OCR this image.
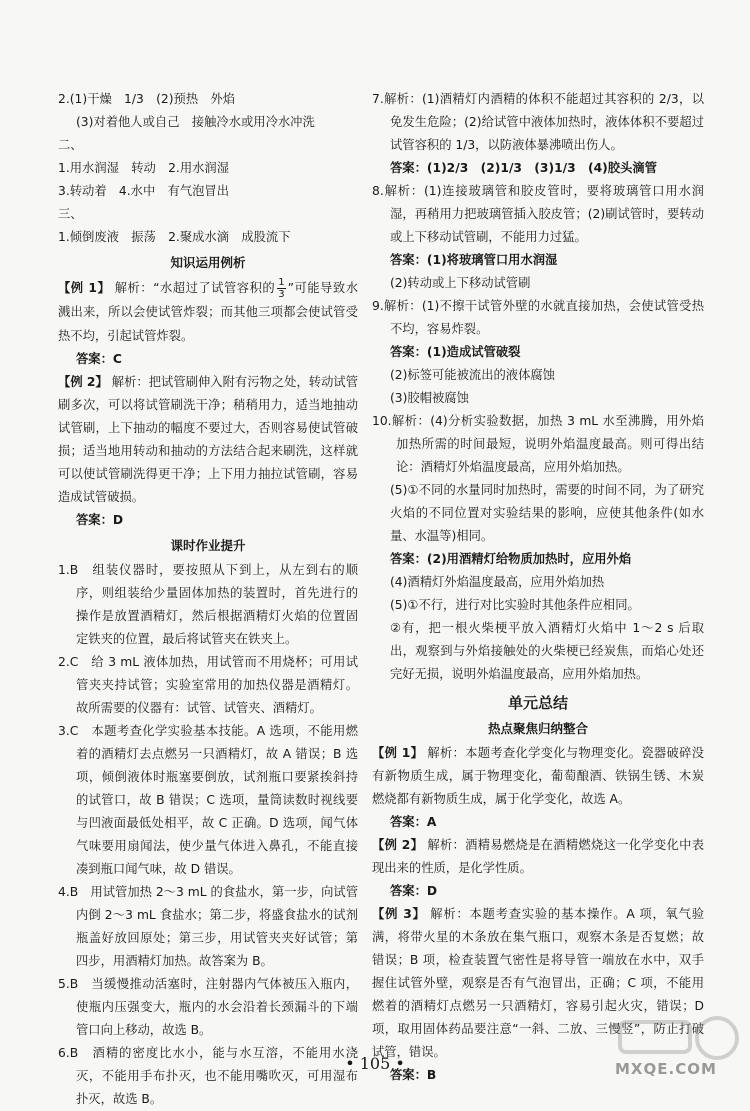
2.(1)干燥　1/3　(2)预热　外焰

(3)对着他人或自己　接触冷水或用冷水冲洗

二、

1.用水润湿　转动　2.用水润湿

3.转动着　4.水中　有气泡冒出

三、

1.倾倒废液　振荡　2.聚成水滴　成股流下

知识运用例析

【例 1】 解析：“水超过了试管容积的 $\frac{1}{3}$ ”可能导致水溅出来，所以会使试管炸裂；而其他三项都会使试管受热不均，引起试管炸裂。

答案：C

【例 2】 解析：把试管刷伸入附有污物之处，转动试管刷多次，可以将试管刷洗干净；稍稍用力，适当地抽动试管刷，上下抽动的幅度不要过大，否则容易使试管破损；适当地用转动和抽动的方法结合起来刷洗，这样就可以使试管刷洗得更干净；上下用力抽拉试管刷，容易造成试管破损。

答案：D

课时作业提升

1.B　组装仪器时，要按照从下到上，从左到右的顺序，则组装给少量固体加热的装置时，首先进行的操作是放置酒精灯，然后根据酒精灯火焰的位置固定铁夹的位置，最后将试管夹在铁夹上。

2.C　给 3 mL 液体加热，用试管而不用烧杯；可用试管夹夹持试管；实验室常用的加热仪器是酒精灯。故所需要的仪器有：试管、试管夹、酒精灯。

3.C　本题考查化学实验基本技能。A 选项，不能用燃着的酒精灯去点燃另一只酒精灯，故 A 错误；B 选项，倾倒液体时瓶塞要倒放，试剂瓶口要紧挨斜持的试管口，故 B 错误；C 选项，量筒读数时视线要与凹液面最低处相平，故 C 正确。D 选项，闻气体气味要用扇闻法，使少量气体进入鼻孔，不能直接凑到瓶口闻气味，故 D 错误。

4.B　用试管加热 2～3 mL 的食盐水，第一步，向试管内倒 2～3 mL 食盐水；第二步，将盛食盐水的试剂瓶盖好放回原处；第三步，用试管夹夹好试管；第四步，用酒精灯加热。故答案为 B。

5.B　当缓慢推动活塞时，注射器内气体被压入瓶内，使瓶内压强变大，瓶内的水会沿着长颈漏斗的下端管口向上移动，故选 B。

6.B　酒精的密度比水小，能与水互溶，不能用水浇灭，不能用手布扑灭，也不能用嘴吹灭，可用湿布扑灭，故选 B。

7.解析：(1)酒精灯内酒精的体积不能超过其容积的 2/3，以免发生危险；(2)给试管中液体加热时，液体体积不要超过试管容积的 1/3，以防液体暴沸喷出伤人。

答案：(1)2/3　(2)1/3　(3)1/3　(4)胶头滴管

8.解析：(1)连接玻璃管和胶皮管时，要将玻璃管口用水润湿，再稍用力把玻璃管插入胶皮管；(2)刷试管时，要转动或上下移动试管刷，不能用力过猛。

答案：(1)将玻璃管口用水润湿

(2)转动或上下移动试管刷

9.解析：(1)不擦干试管外壁的水就直接加热，会使试管受热不均，容易炸裂。

答案：(1)造成试管破裂

(2)标签可能被流出的液体腐蚀

(3)胶帽被腐蚀

10.解析：(4)分析实验数据，加热 3 mL 水至沸腾，用外焰加热所需的时间最短，说明外焰温度最高。则可得出结论：酒精灯外焰温度最高，应用外焰加热。

(5)①不同的水量同时加热时，需要的时间不同，为了研究火焰的不同位置对实验结果的影响，应使其他条件(如水量、水温等)相同。

答案：(2)用酒精灯给物质加热时，应用外焰

(4)酒精灯外焰温度最高，应用外焰加热

(5)①不行，进行对比实验时其他条件应相同。

②有，把一根火柴梗平放入酒精灯火焰中 1～2 s 后取出，观察到与外焰接触处的火柴梗已经炭焦，而焰心处还完好无损，说明外焰温度最高，应用外焰加热。

单元总结

热点聚焦归纳整合

【例 1】 解析：本题考查化学变化与物理变化。瓷器破碎没有新物质生成，属于物理变化，葡萄酿酒、铁锅生锈、木炭燃烧都有新物质生成，属于化学变化，故选 A。

答案：A

【例 2】 解析：酒精易燃烧是在酒精燃烧这一化学变化中表现出来的性质，是化学性质。

答案：D

【例 3】 解析：本题考查实验的基本操作。A 项，氧气验满，将带火星的木条放在集气瓶口，观察木条是否复燃；故错误；B 项，检查装置气密性是将导管一端放在水中，双手握住试管外壁，观察是否有气泡冒出，正确；C 项，不能用燃着的酒精灯点燃另一只酒精灯，容易引起火灾，错误；D 项，取用固体药品要注意“一斜、二放、三慢竖”，防止打破试管，错误。

答案：B

• 105 •	MXQE.COM
